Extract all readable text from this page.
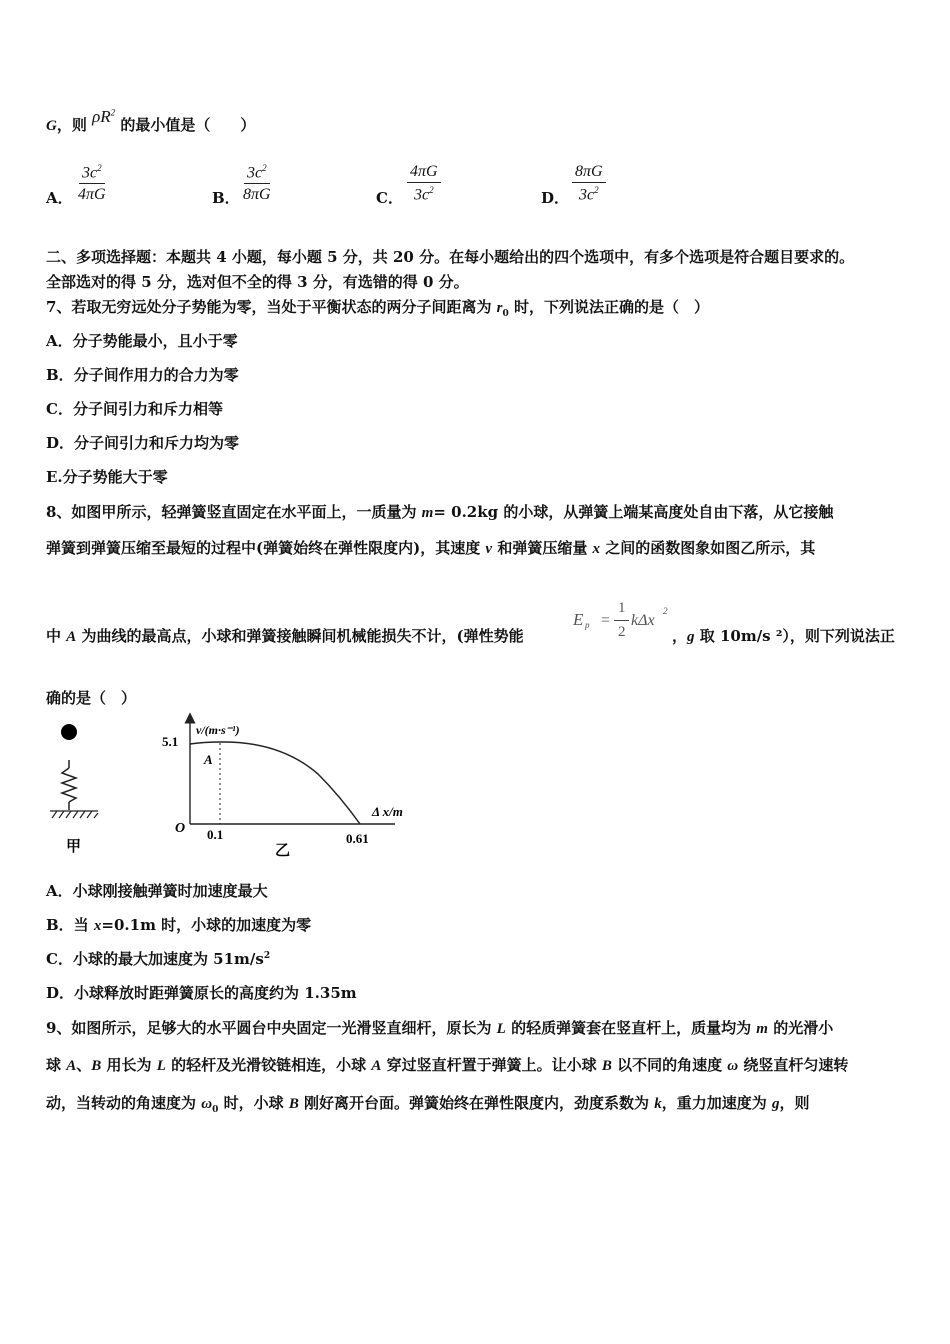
G，则 $\rho R^2$ 的最小值是（　　）
A． $\frac{3c^2}{4\pi G}$	B． $\frac{3c^2}{8\pi G}$	C． $\frac{4\pi G}{3c^2}$	D． $\frac{8\pi G}{3c^2}$
二、多项选择题：本题共 4 小题，每小题 5 分，共 20 分。在每小题给出的四个选项中，有多个选项是符合题目要求的。
全部选对的得 5 分，选对但不全的得 3 分，有选错的得 0 分。
7、若取无穷远处分子势能为零，当处于平衡状态的两分子间距离为 $r_0$ 时，下列说法正确的是（　）
A．分子势能最小，且小于零
B．分子间作用力的合力为零
C．分子间引力和斥力相等
D．分子间引力和斥力均为零
E.分子势能大于零
8、如图甲所示，轻弹簧竖直固定在水平面上，一质量为 m= 0.2kg 的小球，从弹簧上端某高度处自由下落，从它接触
弹簧到弹簧压缩至最短的过程中(弹簧始终在弹性限度内)，其速度 v 和弹簧压缩量 x 之间的函数图象如图乙所示，其
中 A 为曲线的最高点，小球和弹簧接触瞬间机械能损失不计，(弹性势能
E p =
1
2
kΔx
2
，g 取 10m/s ²），则下列说法正
确的是（　）
甲
v/(m·s⁻¹)
Δ x/m
5.1
A
O 0.1	0.61
乙
A．小球刚接触弹簧时加速度最大
B．当 x=0.1m 时，小球的加速度为零
C．小球的最大加速度为 $51m/s^2$
D．小球释放时距弹簧原长的高度约为 1.35m
9、如图所示，足够大的水平圆台中央固定一光滑竖直细杆，原长为 L 的轻质弹簧套在竖直杆上，质量均为 m 的光滑小
球 A、B 用长为 L 的轻杆及光滑铰链相连，小球 A 穿过竖直杆置于弹簧上。让小球 B 以不同的角速度 ω 绕竖直杆匀速转
动，当转动的角速度为 $\omega_0$ 时，小球 B 刚好离开台面。弹簧始终在弹性限度内，劲度系数为 k，重力加速度为 g，则
